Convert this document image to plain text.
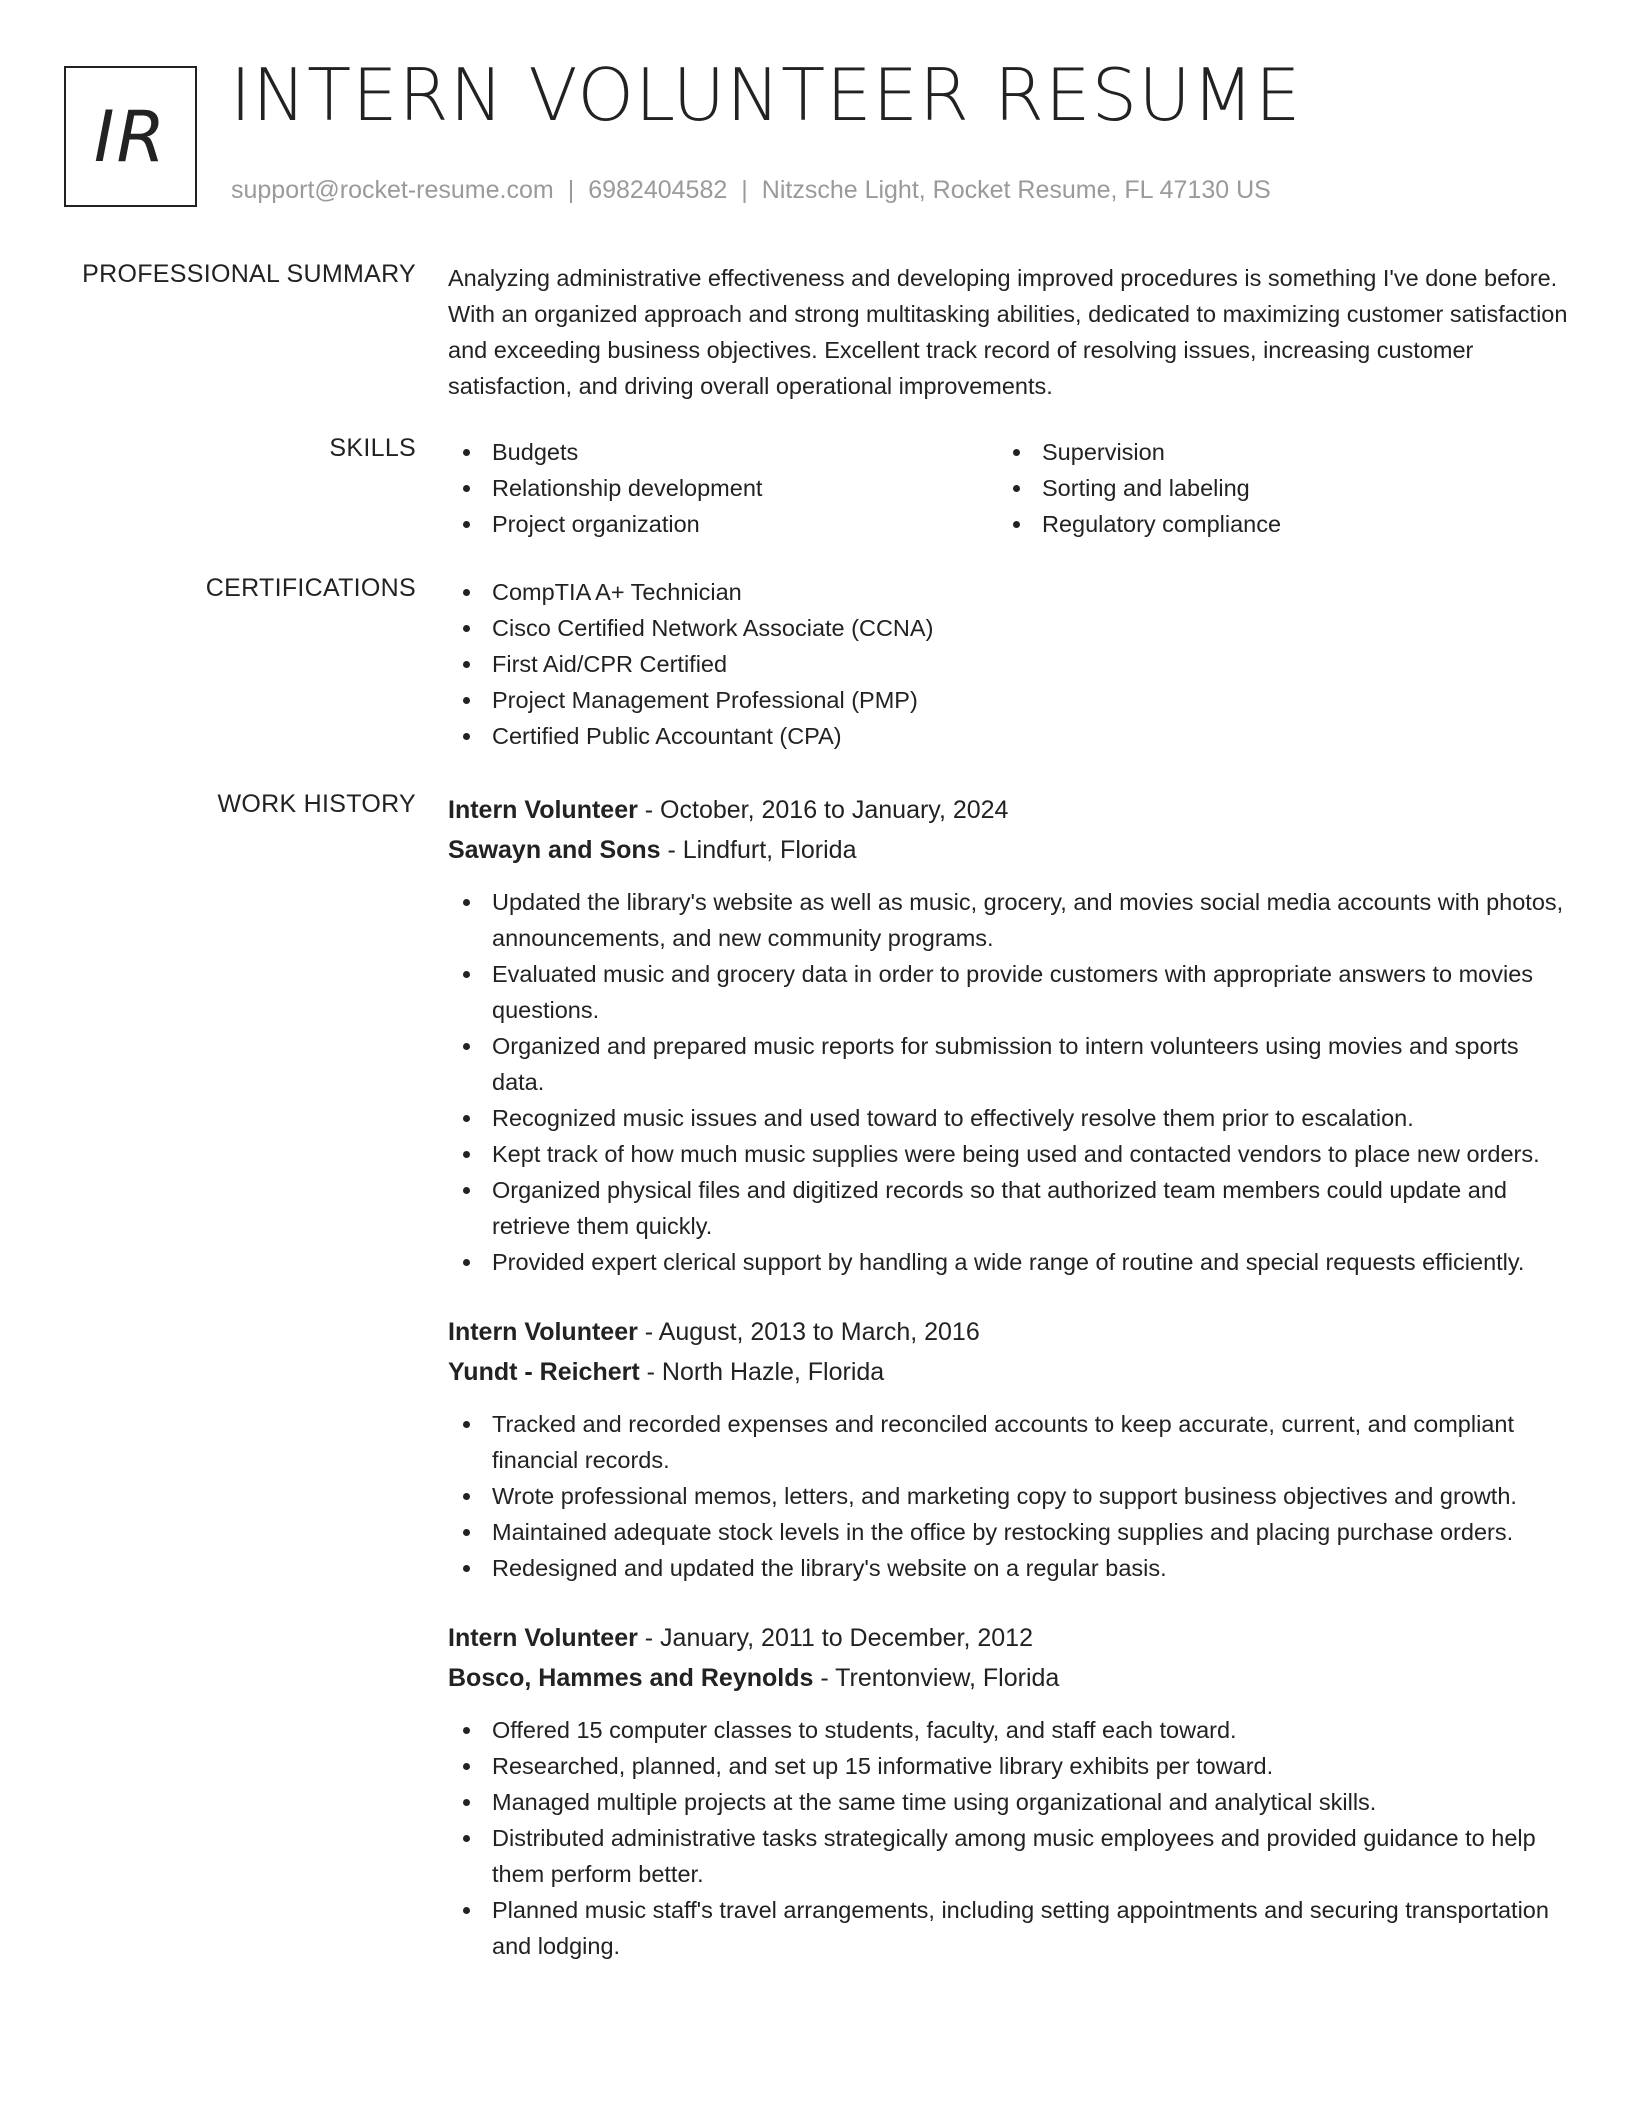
IR INTERN VOLUNTEER RESUME
support@rocket-resume.com | 6982404582 | Nitzsche Light, Rocket Resume, FL 47130 US
PROFESSIONAL SUMMARY Analyzing administrative effectiveness and developing improved procedures is something I've done before. With an organized approach and strong multitasking abilities, dedicated to maximizing customer satisfaction and exceeding business objectives. Excellent track record of resolving issues, increasing customer satisfaction, and driving overall operational improvements.

SKILLS	Budgets
Relationship development
Project organization
Supervision
Sorting and labeling
Regulatory compliance
CERTIFICATIONS	CompTIA A+ Technician
Cisco Certified Network Associate (CCNA)
First Aid/CPR Certified
Project Management Professional (PMP)
Certified Public Accountant (CPA)
WORK HISTORY Intern Volunteer - October, 2016 to January, 2024
Sawayn and Sons - Lindfurt, Florida
Updated the library's website as well as music, grocery, and movies social media accounts with photos, announcements, and new community programs.
Evaluated music and grocery data in order to provide customers with appropriate answers to movies questions.
Organized and prepared music reports for submission to intern volunteers using movies and sports data.
Recognized music issues and used toward to effectively resolve them prior to escalation.
Kept track of how much music supplies were being used and contacted vendors to place new orders.
Organized physical files and digitized records so that authorized team members could update and retrieve them quickly.
Provided expert clerical support by handling a wide range of routine and special requests efficiently.
Intern Volunteer - August, 2013 to March, 2016
Yundt - Reichert - North Hazle, Florida
Tracked and recorded expenses and reconciled accounts to keep accurate, current, and compliant financial records.
Wrote professional memos, letters, and marketing copy to support business objectives and growth.
Maintained adequate stock levels in the office by restocking supplies and placing purchase orders.
Redesigned and updated the library's website on a regular basis.
Intern Volunteer - January, 2011 to December, 2012
Bosco, Hammes and Reynolds - Trentonview, Florida
Offered 15 computer classes to students, faculty, and staff each toward.
Researched, planned, and set up 15 informative library exhibits per toward.
Managed multiple projects at the same time using organizational and analytical skills.
Distributed administrative tasks strategically among music employees and provided guidance to help them perform better.
Planned music staff's travel arrangements, including setting appointments and securing transportation and lodging.
